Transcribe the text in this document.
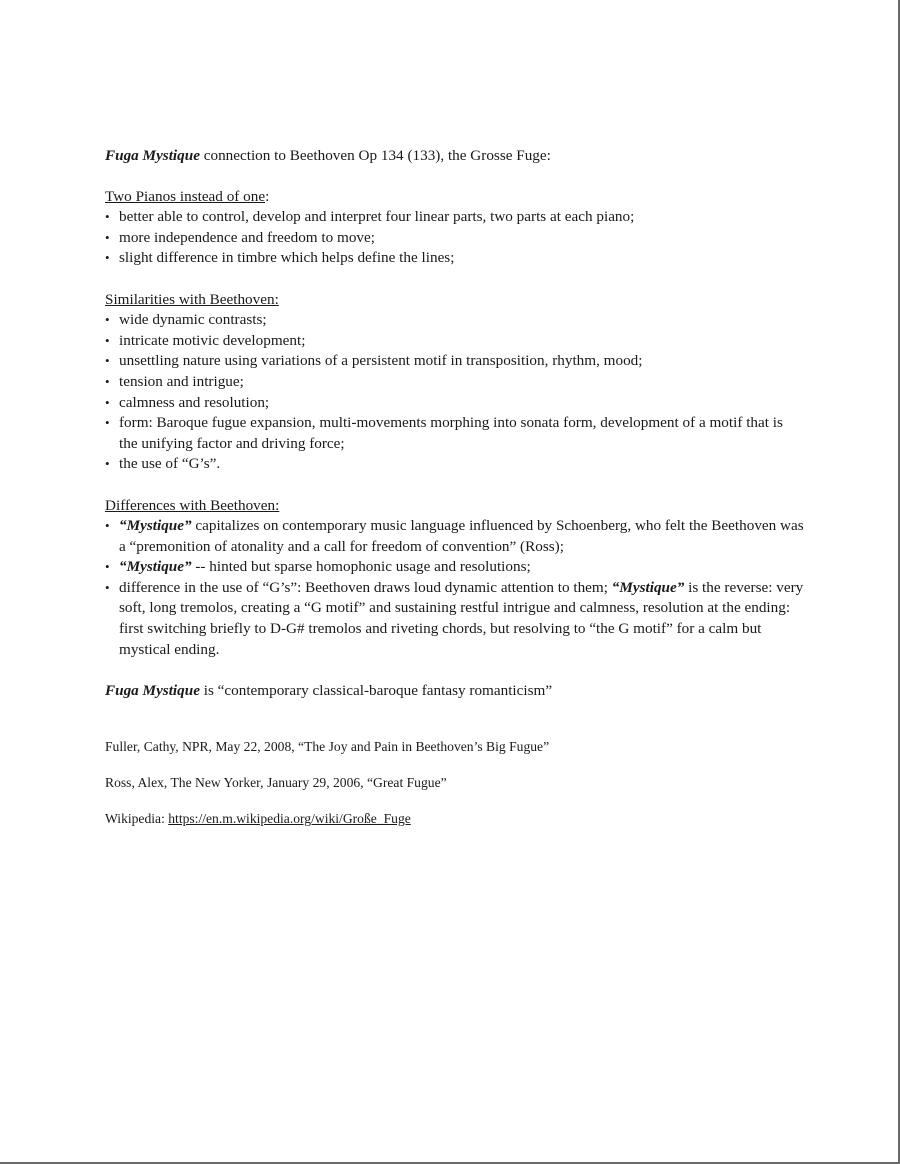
Fuga Mystique connection to Beethoven Op 134 (133), the Grosse Fuge:

Two Pianos instead of one:

• better able to control, develop and interpret four linear parts, two parts at each piano;
• more independence and freedom to move;
• slight difference in timbre which helps define the lines;

Similarities with Beethoven:

• wide dynamic contrasts;
• intricate motivic development;
• unsettling nature using variations of a persistent motif in transposition, rhythm, mood;
• tension and intrigue;
• calmness and resolution;
• form: Baroque fugue expansion, multi-movements morphing into sonata form, development of a motif that is the unifying factor and driving force;
• the use of “G’s”.

Differences with Beethoven:

• “Mystique” capitalizes on contemporary music language influenced by Schoenberg, who felt the Beethoven was a “premonition of atonality and a call for freedom of convention” (Ross);
• “Mystique” -- hinted but sparse homophonic usage and resolutions;
• difference in the use of “G’s”: Beethoven draws loud dynamic attention to them; “Mystique” is the reverse: very soft, long tremolos, creating a “G motif” and sustaining restful intrigue and calmness, resolution at the ending: first switching briefly to D-G# tremolos and riveting chords, but resolving to “the G motif” for a calm but mystical ending.

Fuga Mystique is “contemporary classical-baroque fantasy romanticism”

Fuller, Cathy, NPR, May 22, 2008, “The Joy and Pain in Beethoven’s Big Fugue”

Ross, Alex, The New Yorker, January 29, 2006, “Great Fugue”

Wikipedia: https://en.m.wikipedia.org/wiki/Große_Fuge
